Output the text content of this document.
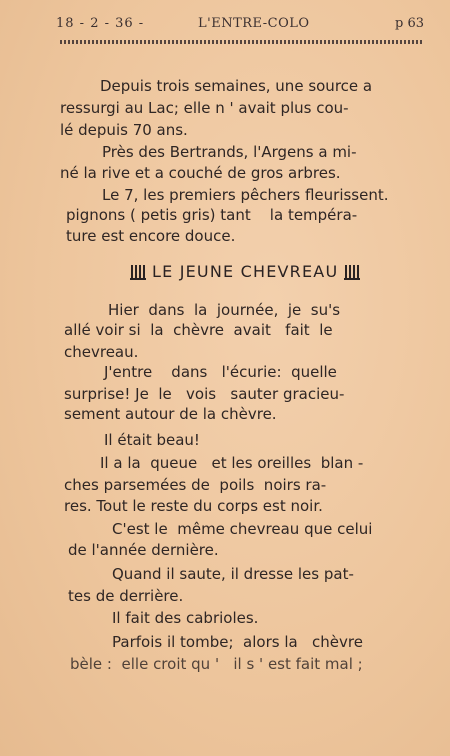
18 - 2 - 36 -	L'ENTRE-COLO	p 63
Depuis trois semaines, une source a
ressurgi au Lac; elle n ' avait plus cou-
lé depuis 70 ans.
Près des Bertrands, l'Argens a mi-
né la rive et a couché de gros arbres.
Le 7, les premiers pêchers fleurissent.
pignons ( petis gris) tant    la tempéra-
ture est encore douce.
LE JEUNE CHEVREAU
Hier  dans  la  journée,  je  su's
allé voir si  la  chèvre  avait   fait  le
chevreau.
J'entre    dans   l'écurie:  quelle
surprise! Je  le   vois   sauter gracieu-
sement autour de la chèvre.
Il était beau!
Il a la  queue   et les oreilles  blan -
ches parsemées de  poils  noirs ra-
res. Tout le reste du corps est noir.
C'est le  même chevreau que celui
de l'année dernière.
Quand il saute, il dresse les pat-
tes de derrière.
Il fait des cabrioles.
Parfois il tombe;  alors la   chèvre
bèle :  elle croit qu '   il s ' est fait mal ;
